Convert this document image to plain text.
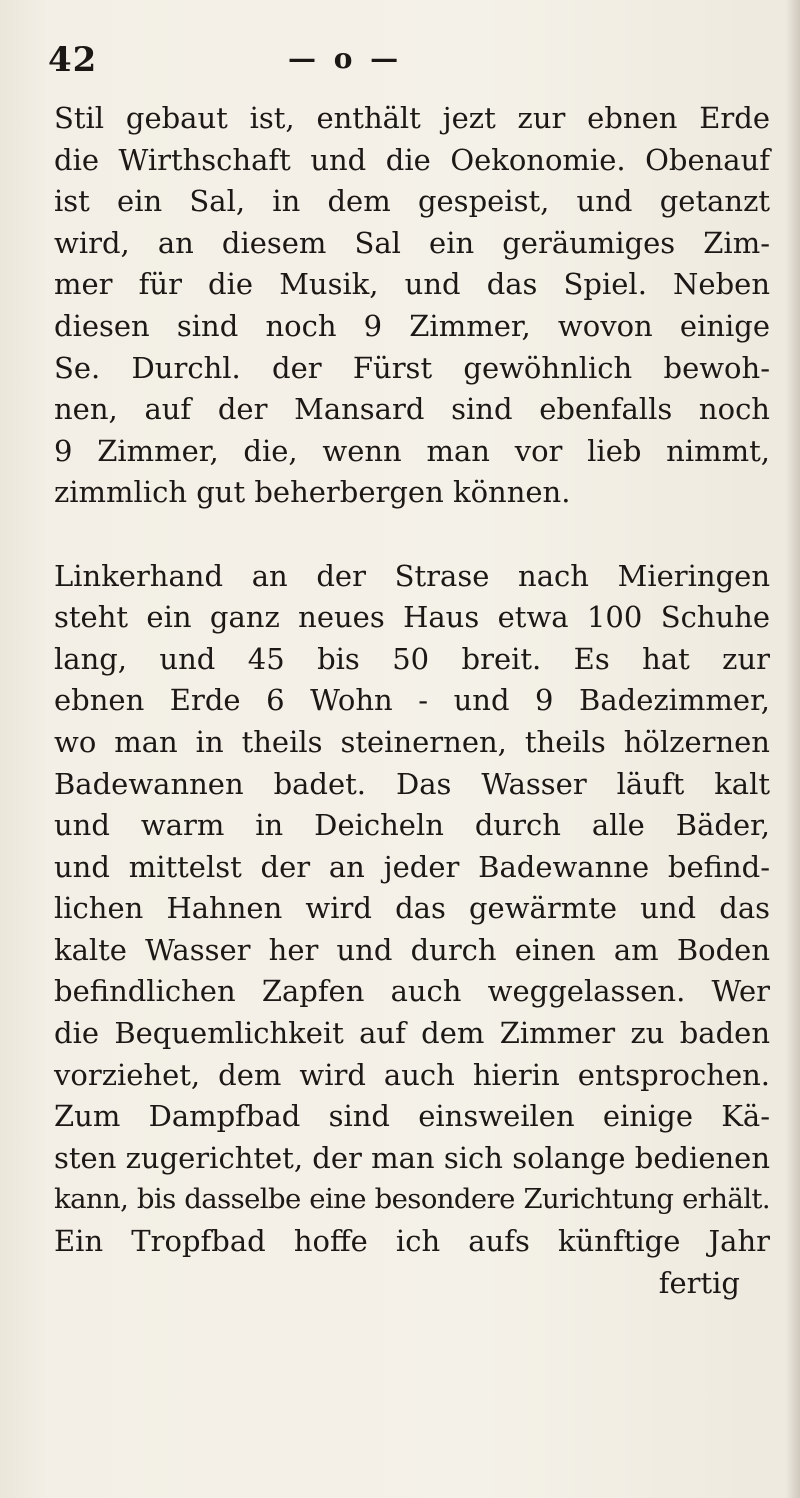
42	— o —
Stil gebaut ist, enthält jezt zur ebnen Erde
die Wirthschaft und die Oekonomie. Obenauf
ist ein Sal, in dem gespeist, und getanzt
wird, an diesem Sal ein geräumiges Zim-
mer für die Musik, und das Spiel. Neben
diesen sind noch 9 Zimmer, wovon einige
Se. Durchl. der Fürst gewöhnlich bewoh-
nen, auf der Mansard sind ebenfalls noch
9 Zimmer, die, wenn man vor lieb nimmt,
zimmlich gut beherbergen können.
Linkerhand an der Strase nach Mieringen
steht ein ganz neues Haus etwa 100 Schuhe
lang, und 45 bis 50 breit. Es hat zur
ebnen Erde 6 Wohn - und 9 Badezimmer,
wo man in theils steinernen, theils hölzernen
Badewannen badet. Das Wasser läuft kalt
und warm in Deicheln durch alle Bäder,
und mittelst der an jeder Badewanne befind-
lichen Hahnen wird das gewärmte und das
kalte Wasser her und durch einen am Boden
befindlichen Zapfen auch weggelassen. Wer
die Bequemlichkeit auf dem Zimmer zu baden
vorziehet, dem wird auch hierin entsprochen.
Zum Dampfbad sind einsweilen einige Kä-
sten zugerichtet, der man sich solange bedienen
kann, bis dasselbe eine besondere Zurichtung erhält.
Ein Tropfbad hoffe ich aufs künftige Jahr
fertig
